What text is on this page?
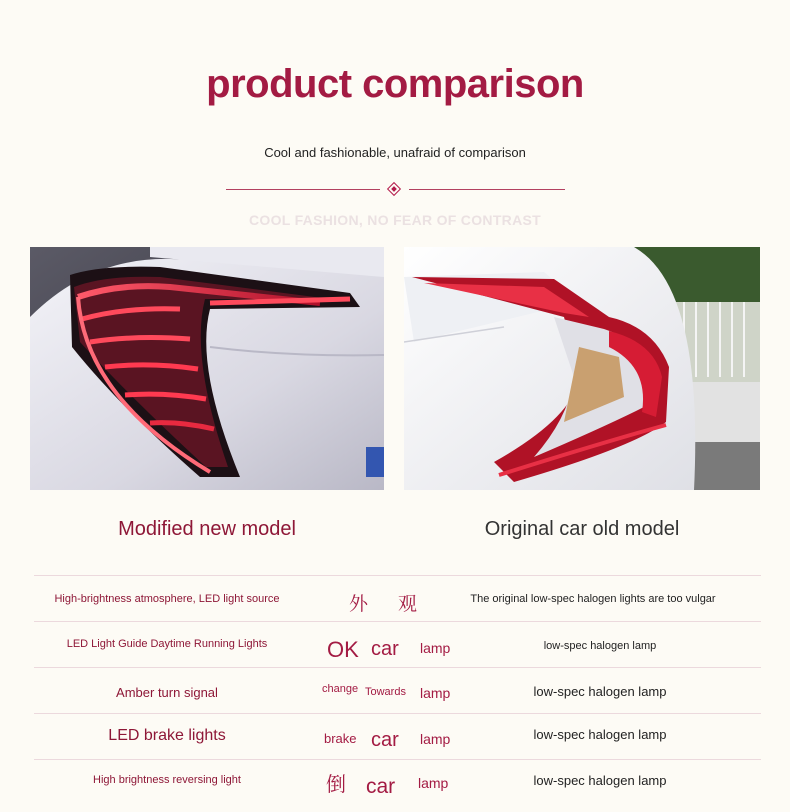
product comparison
Cool and fashionable, unafraid of comparison
COOL FASHION, NO FEAR OF CONTRAST
Modified new model	Original car old model
High-brightness atmosphere, LED light source	外 观	The original low-spec halogen lights are too vulgar
LED Light Guide Daytime Running Lights	OK car lamp	low-spec halogen lamp
Amber turn signal	change Towards lamp	low-spec halogen lamp
LED brake lights	brake car lamp	low-spec halogen lamp
High brightness reversing light	倒 car lamp	low-spec halogen lamp
